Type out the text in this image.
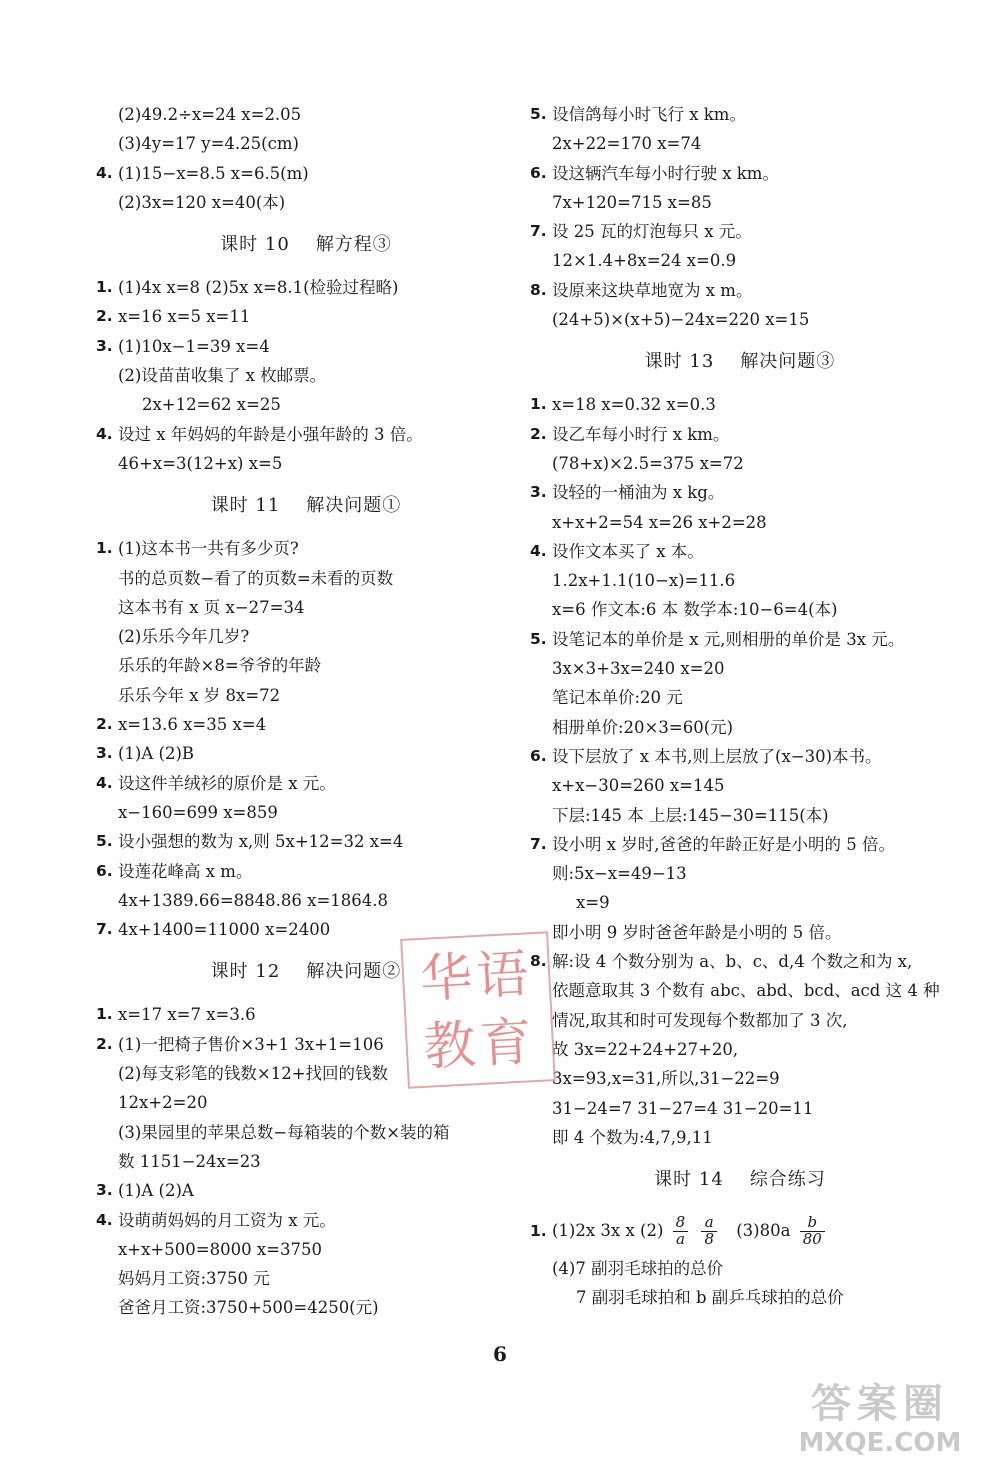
(2)49.2÷x=24 x=2.05
(3)4y=17 y=4.25(cm)
4. (1)15−x=8.5 x=6.5(m)
(2)3x=120 x=40(本)
课时 10 解方程③
1. (1)4x x=8 (2)5x x=8.1(检验过程略)
2. x=16 x=5 x=11
3. (1)10x−1=39 x=4
(2)设苗苗收集了 x 枚邮票。
2x+12=62 x=25
4. 设过 x 年妈妈的年龄是小强年龄的 3 倍。
46+x=3(12+x) x=5
课时 11 解决问题①
1. (1)这本书一共有多少页?
书的总页数−看了的页数=未看的页数
这本书有 x 页 x−27=34
(2)乐乐今年几岁?
乐乐的年龄×8=爷爷的年龄
乐乐今年 x 岁 8x=72
2. x=13.6 x=35 x=4
3. (1)A (2)B
4. 设这件羊绒衫的原价是 x 元。
x−160=699 x=859
5. 设小强想的数为 x,则 5x+12=32 x=4
6. 设莲花峰高 x m。
4x+1389.66=8848.86 x=1864.8
7. 4x+1400=11000 x=2400
课时 12 解决问题②
1. x=17 x=7 x=3.6
2. (1)一把椅子售价×3+1 3x+1=106
(2)每支彩笔的钱数×12+找回的钱数
12x+2=20
(3)果园里的苹果总数−每箱装的个数×装的箱
数 1151−24x=23
3. (1)A (2)A
4. 设萌萌妈妈的月工资为 x 元。
x+x+500=8000 x=3750
妈妈月工资:3750 元
爸爸月工资:3750+500=4250(元)
5. 设信鸽每小时飞行 x km。
2x+22=170 x=74
6. 设这辆汽车每小时行驶 x km。
7x+120=715 x=85
7. 设 25 瓦的灯泡每只 x 元。
12×1.4+8x=24 x=0.9
8. 设原来这块草地宽为 x m。
(24+5)×(x+5)−24x=220 x=15
课时 13 解决问题③
1. x=18 x=0.32 x=0.3
2. 设乙车每小时行 x km。
(78+x)×2.5=375 x=72
3. 设轻的一桶油为 x kg。
x+x+2=54 x=26 x+2=28
4. 设作文本买了 x 本。
1.2x+1.1(10−x)=11.6
x=6 作文本:6 本 数学本:10−6=4(本)
5. 设笔记本的单价是 x 元,则相册的单价是 3x 元。
3x×3+3x=240 x=20
笔记本单价:20 元
相册单价:20×3=60(元)
6. 设下层放了 x 本书,则上层放了(x−30)本书。
x+x−30=260 x=145
下层:145 本 上层:145−30=115(本)
7. 设小明 x 岁时,爸爸的年龄正好是小明的 5 倍。
则:5x−x=49−13
x=9
即小明 9 岁时爸爸年龄是小明的 5 倍。
8. 解:设 4 个数分别为 a、b、c、d,4 个数之和为 x,
依题意取其 3 个数有 abc、abd、bcd、acd 这 4 种
情况,取其和时可发现每个数都加了 3 次,
故 3x=22+24+27+20,
3x=93,x=31,所以,31−22=9
31−24=7 31−27=4 31−20=11
即 4 个数为:4,7,9,11
课时 14 综合练习
1. (1)2x 3x x $(2) \frac{8}{a}$
$\frac{a}{8} (3)80a \frac{b}{80}$
(4)7 副羽毛球拍的总价
7 副羽毛球拍和 b 副乒乓球拍的总价
华语
教育
6
答案圈
MXQE.COM
